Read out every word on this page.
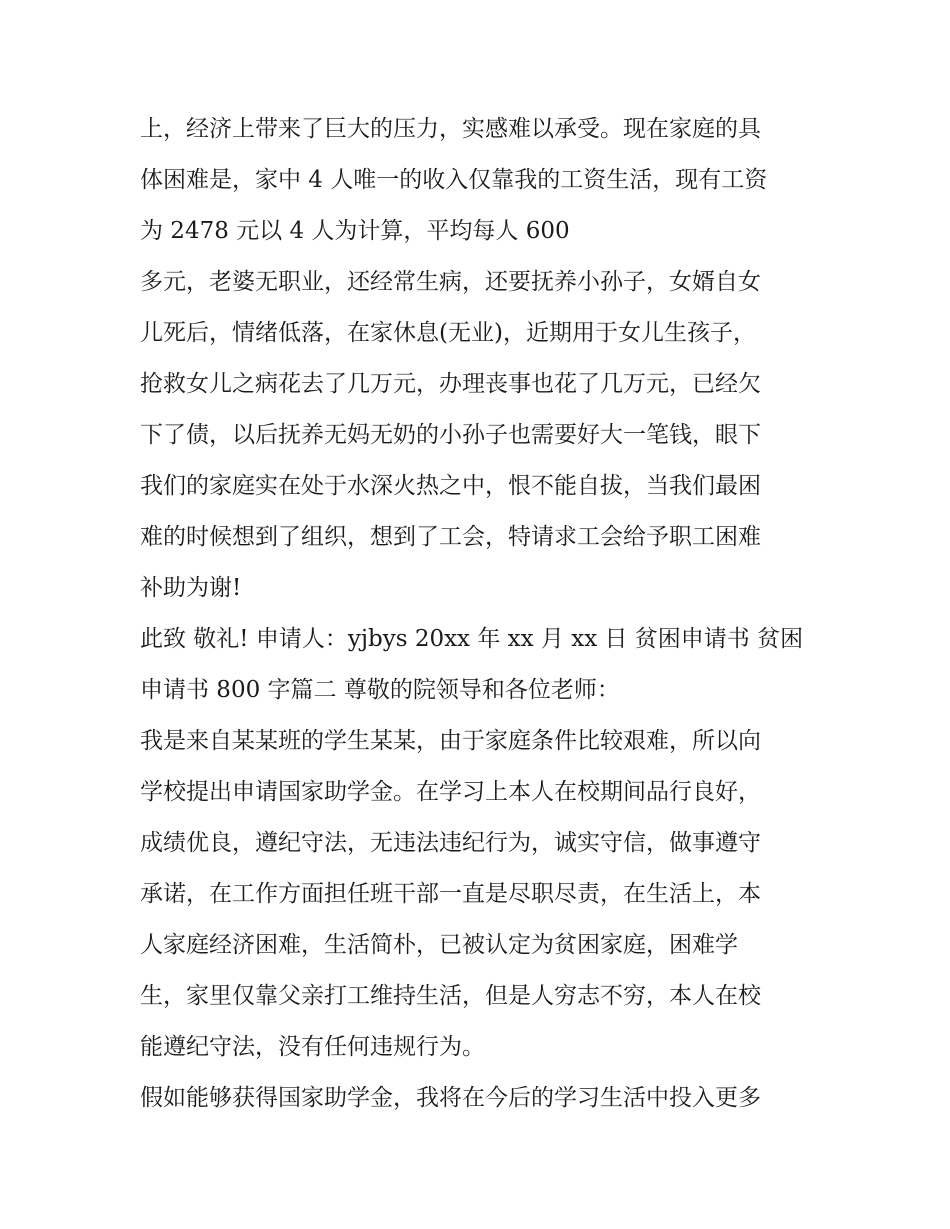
上，经济上带来了巨大的压力，实感难以承受。现在家庭的具
体困难是，家中 4 人唯一的收入仅靠我的工资生活，现有工资
为 2478 元以 4 人为计算，平均每人 600
多元，老婆无职业，还经常生病，还要抚养小孙子，女婿自女
儿死后，情绪低落，在家休息(无业)，近期用于女儿生孩子，
抢救女儿之病花去了几万元，办理丧事也花了几万元，已经欠
下了债，以后抚养无妈无奶的小孙子也需要好大一笔钱，眼下
我们的家庭实在处于水深火热之中，恨不能自拔，当我们最困
难的时候想到了组织，想到了工会，特请求工会给予职工困难
补助为谢!
此致 敬礼! 申请人：yjbys 20xx 年 xx 月 xx 日 贫困申请书 贫困
申请书 800 字篇二 尊敬的院领导和各位老师：
我是来自某某班的学生某某，由于家庭条件比较艰难，所以向
学校提出申请国家助学金。在学习上本人在校期间品行良好，
成绩优良，遵纪守法，无违法违纪行为，诚实守信，做事遵守
承诺，在工作方面担任班干部一直是尽职尽责，在生活上，本
人家庭经济困难，生活简朴，已被认定为贫困家庭，困难学
生，家里仅靠父亲打工维持生活，但是人穷志不穷，本人在校
能遵纪守法，没有任何违规行为。
假如能够获得国家助学金，我将在今后的学习生活中投入更多
